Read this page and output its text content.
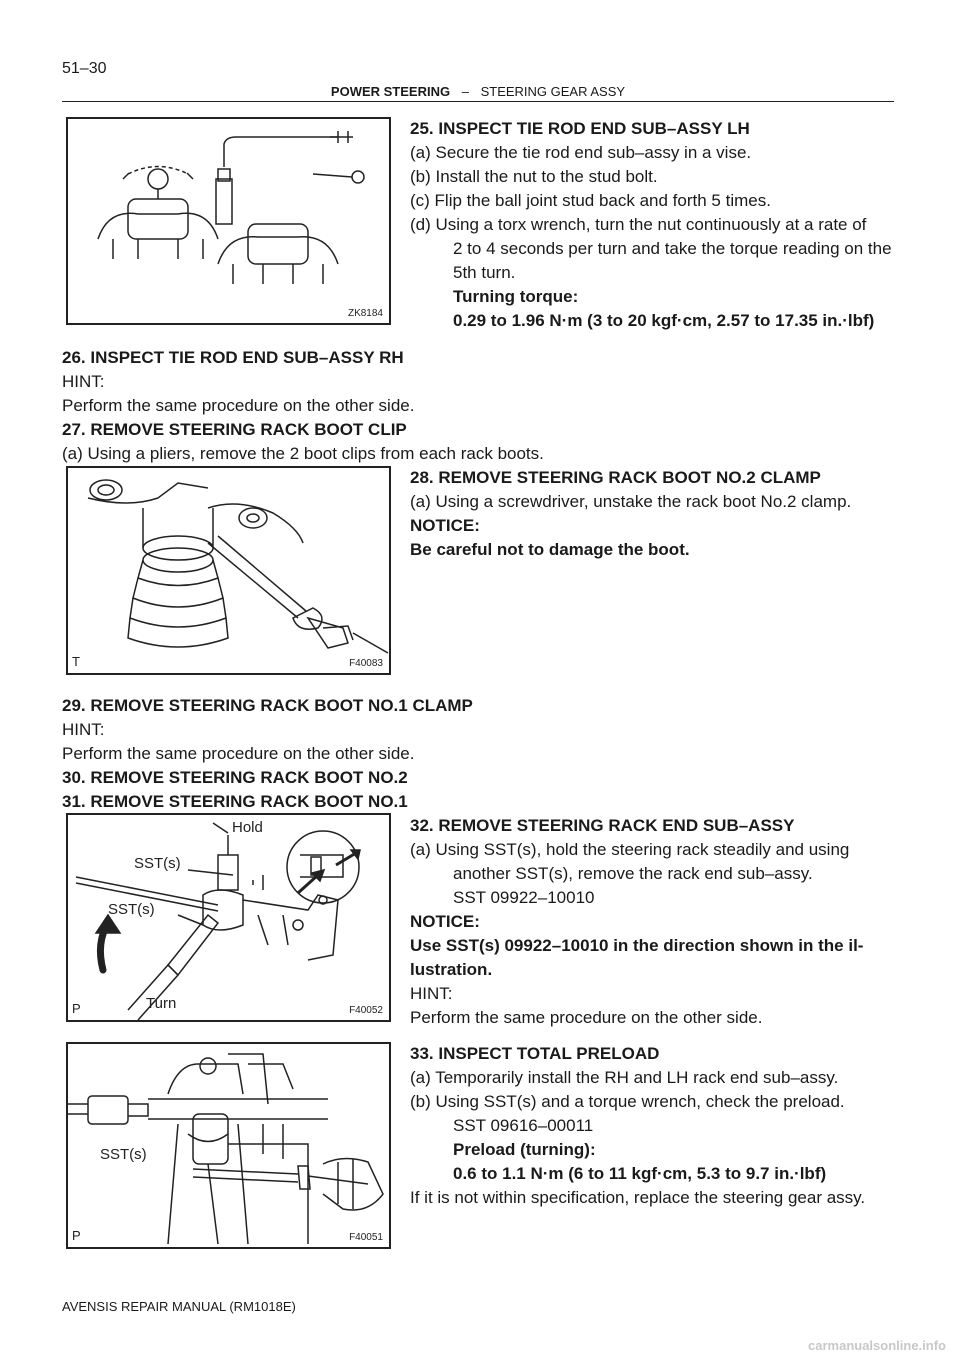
51–30
POWER STEERING – STEERING GEAR ASSY
ZK8184
25. INSPECT TIE ROD END SUB–ASSY LH
(a) Secure the tie rod end sub–assy in a vise.
(b) Install the nut to the stud bolt.
(c) Flip the ball joint stud back and forth 5 times.
(d) Using a torx wrench, turn the nut continuously at a rate of
2 to 4 seconds per turn and take the torque reading on the
5th turn.
Turning torque:
0.29 to 1.96 N·m (3 to 20 kgf·cm, 2.57 to 17.35 in.·lbf)
26. INSPECT TIE ROD END SUB–ASSY RH
HINT:
Perform the same procedure on the other side.
27. REMOVE STEERING RACK BOOT CLIP
(a) Using a pliers, remove the 2 boot clips from each rack boots.
T	F40083
28. REMOVE STEERING RACK BOOT NO.2 CLAMP
(a) Using a screwdriver, unstake the rack boot No.2 clamp.
NOTICE:
Be careful not to damage the boot.
29. REMOVE STEERING RACK BOOT NO.1 CLAMP
HINT:
Perform the same procedure on the other side.
30. REMOVE STEERING RACK BOOT NO.2
31. REMOVE STEERING RACK BOOT NO.1
Hold
SST(s)
SST(s)
Turn
P	F40052
32. REMOVE STEERING RACK END SUB–ASSY
(a) Using SST(s), hold the steering rack steadily and using
another SST(s), remove the rack end sub–assy.
SST 09922–10010
NOTICE:
Use SST(s) 09922–10010 in the direction shown in the il-
lustration.
HINT:
Perform the same procedure on the other side.
SST(s)
P	F40051
33. INSPECT TOTAL PRELOAD
(a) Temporarily install the RH and LH rack end sub–assy.
(b) Using SST(s) and a torque wrench, check the preload.
SST 09616–00011
Preload (turning):
0.6 to 1.1 N·m (6 to 11 kgf·cm, 5.3 to 9.7 in.·lbf)
If it is not within specification, replace the steering gear assy.
AVENSIS REPAIR MANUAL (RM1018E)
carmanualsonline.info
